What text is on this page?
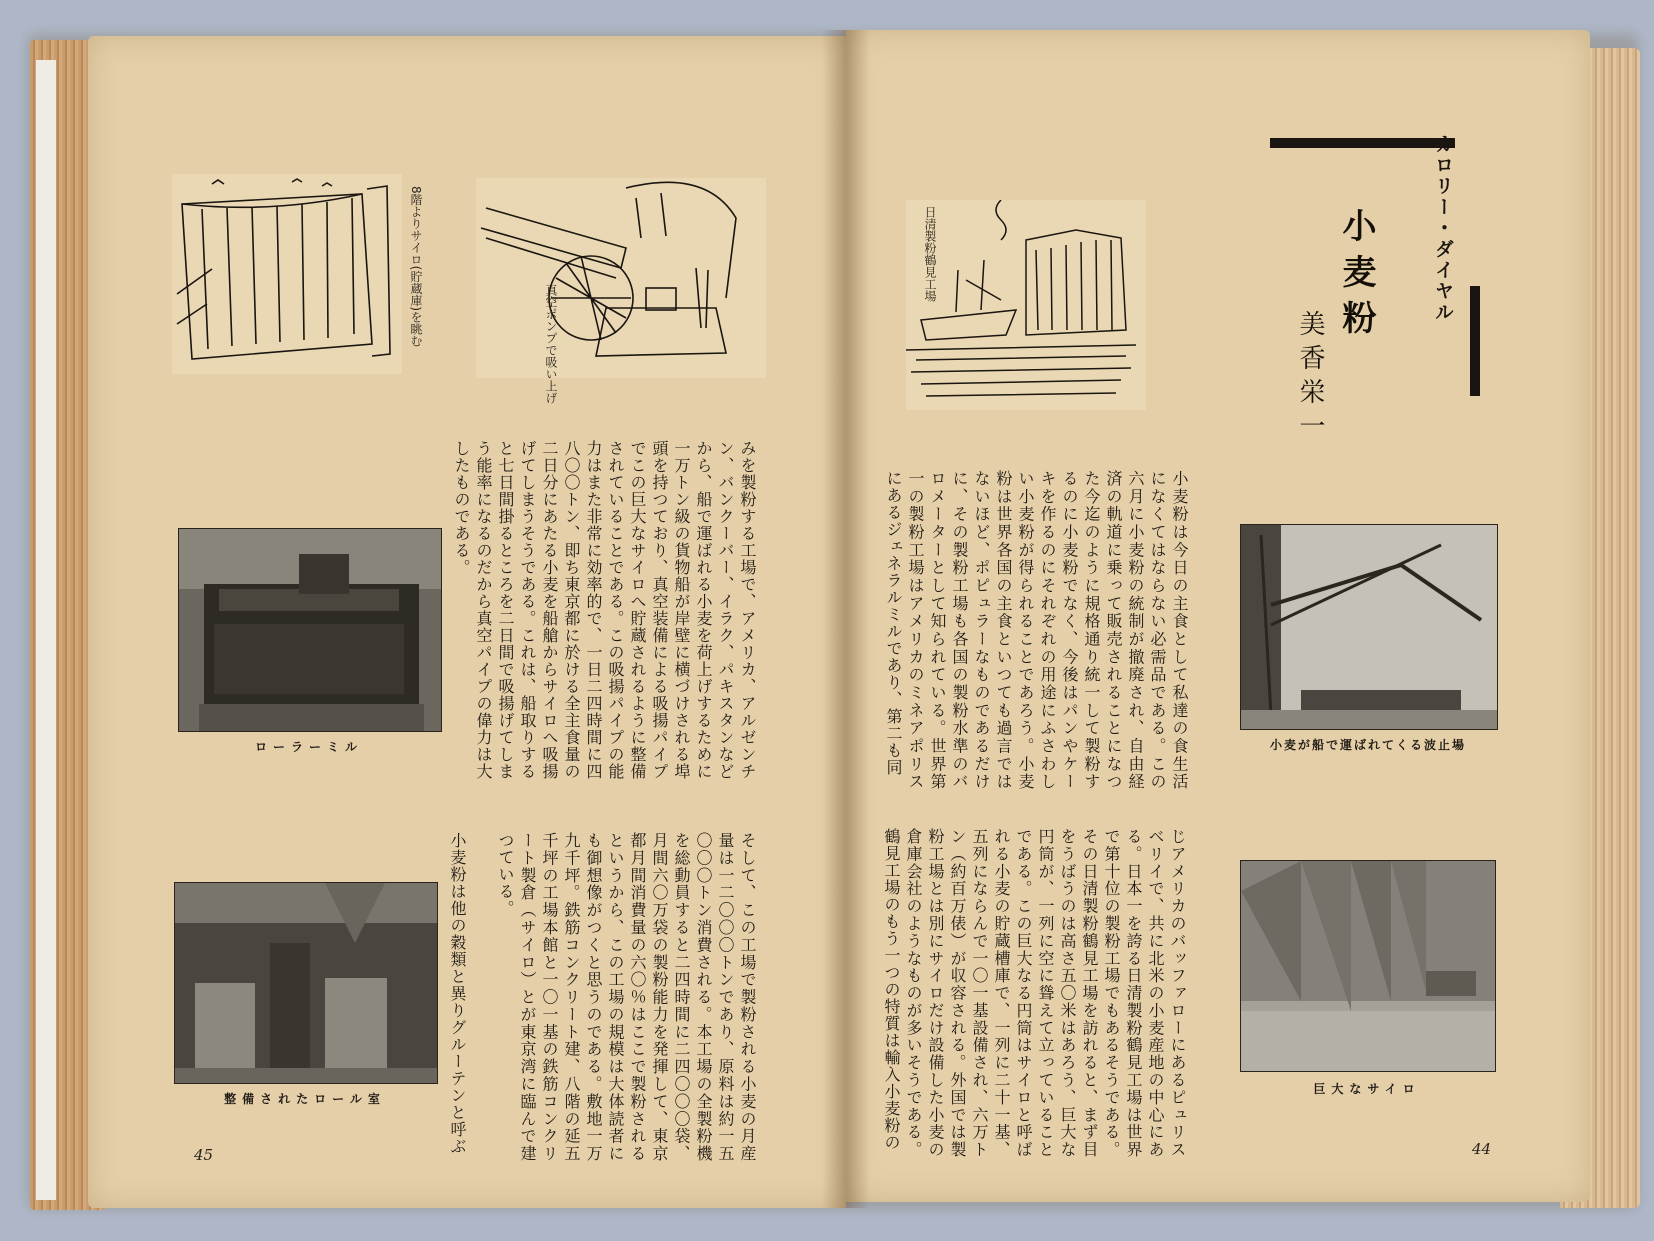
8階よりサイロ(貯蔵庫)を眺む	真空ポンプで吸い上げ
みを製粉する工場で、アメリカ、アルゼンチン、バンクーバー、イラク、パキスタンなどから、船で運ばれる小麦を荷上げするために一万トン級の貨物船が岸壁に横づけされる埠頭を持つており、真空装備による吸揚パイプでこの巨大なサイロへ貯蔵されるように整備されていることである。この吸揚パイプの能力はまた非常に効率的で、一日二四時間に四八〇〇トン、即ち東京都に於ける全主食量の二日分にあたる小麦を船艙からサイロへ吸揚げてしまうそうである。これは、船取りすると七日間掛るところを二日間で吸揚げてしまう能率になるのだから真空パイプの偉力は大したものである。
ローラーミル
そして、この工場で製粉される小麦の月産量は一二〇〇〇トンであり、原料は約一五〇〇〇トン消費される。本工場の全製粉機を総動員すると二四時間に二四〇〇〇袋、月間六〇万袋の製粉能力を発揮して、東京都月間消費量の六〇％はここで製粉されるというから、この工場の規模は大体読者にも御想像がつくと思うのである。敷地一万九千坪。鉄筋コンクリート建、八階の延五千坪の工場本館と一〇一基の鉄筋コンクリート製倉（サイロ）とが東京湾に臨んで建つている。
小麦粉は他の穀類と異りグルーテンと呼ぶ
整備されたロール室
45
カロリー・ダイヤル
小麦粉
美香栄一
日清製粉鶴見工場
小麦粉は今日の主食として私達の食生活になくてはならない必需品である。この六月に小麦粉の統制が撤廃され、自由経済の軌道に乗って販売されることになつた今迄のように規格通り統一して製粉するのに小麦粉でなく、今後はパンやケーキを作るのにそれぞれの用途にふさわしい小麦粉が得られることであろう。小麦粉は世界各国の主食といつても過言ではないほど、ポピュラーなものであるだけに、その製粉工場も各国の製粉水準のバロメーターとして知られている。世界第一の製粉工場はアメリカのミネアポリスにあるジェネラルミルであり、第二も同	小麦が船で運ばれてくる波止場
じアメリカのバッファローにあるピュリスベリイで、共に北米の小麦産地の中心にある。日本一を誇る日清製粉鶴見工場は世界で第十位の製粉工場でもあるそうである。その日清製粉鶴見工場を訪れると、まず目をうばうのは高さ五〇米はあろう、巨大な円筒が、一列に空に聳えて立っていることである。この巨大なる円筒はサイロと呼ばれる小麦の貯蔵槽庫で、一列に二十一基、五列にならんで一〇一基設備され、六万トン（約百万俵）が収容される。外国では製粉工場とは別にサイロだけ設備した小麦の倉庫会社のようなものが多いそうである。鶴見工場のもう一つの特質は輸入小麦粉の	巨大なサイロ
44
